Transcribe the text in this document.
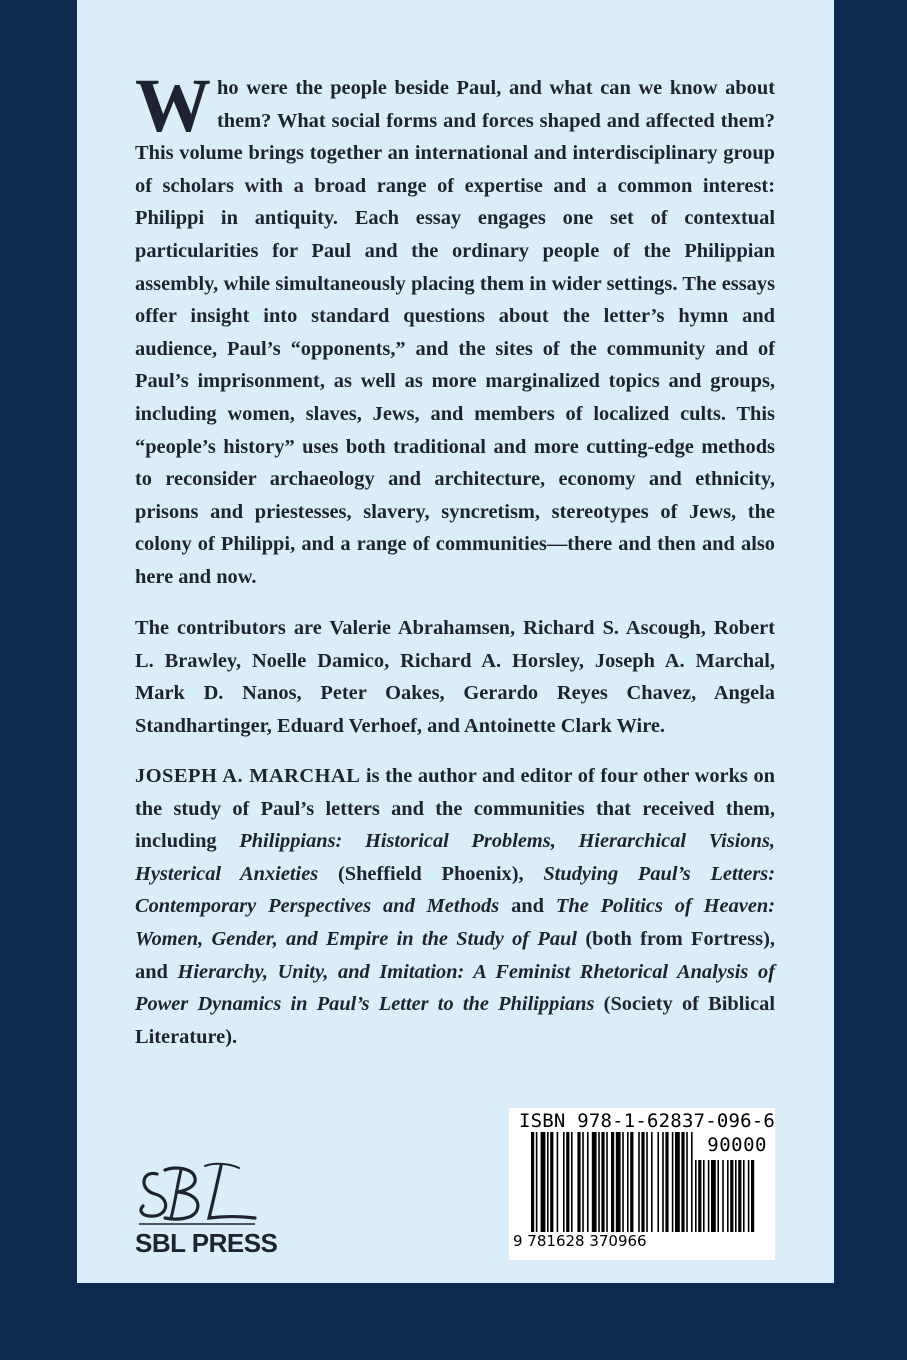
Who were the people beside Paul, and what can we know about them? What social forms and forces shaped and affected them? This volume brings together an international and interdisciplinary group of scholars with a broad range of expertise and a common interest: Philippi in antiquity. Each essay engages one set of contextual particularities for Paul and the ordinary people of the Philippian assembly, while simultaneously placing them in wider settings. The essays offer insight into standard questions about the letter’s hymn and audience, Paul’s “opponents,” and the sites of the community and of Paul’s imprisonment, as well as more marginalized topics and groups, including women, slaves, Jews, and members of localized cults. This “people’s history” uses both traditional and more cutting-edge methods to reconsider archaeology and architecture, economy and ethnicity, prisons and priestesses, slavery, syncretism, stereotypes of Jews, the colony of Philippi, and a range of communities—there and then and also here and now.

The contributors are Valerie Abrahamsen, Richard S. Ascough, Robert L. Brawley, Noelle Damico, Richard A. Horsley, Joseph A. Marchal, Mark D. Nanos, Peter Oakes, Gerardo Reyes Chavez, Angela Standhartinger, Eduard Verhoef, and Antoinette Clark Wire.

JOSEPH A. MARCHAL is the author and editor of four other works on the study of Paul’s letters and the communities that received them, including Philippians: Historical Problems, Hierarchical Visions, Hysterical Anxieties (Sheffield Phoenix), Studying Paul’s Letters: Contemporary Perspectives and Methods and The Politics of Heaven: Women, Gender, and Empire in the Study of Paul (both from Fortress), and Hierarchy, Unity, and Imitation: A Feminist Rhetorical Analysis of Power Dynamics in Paul’s Letter to the Philippians (Society of Biblical Literature).

SBL PRESS
ISBN 978-1-62837-096-6
90000
9 781628 370966
